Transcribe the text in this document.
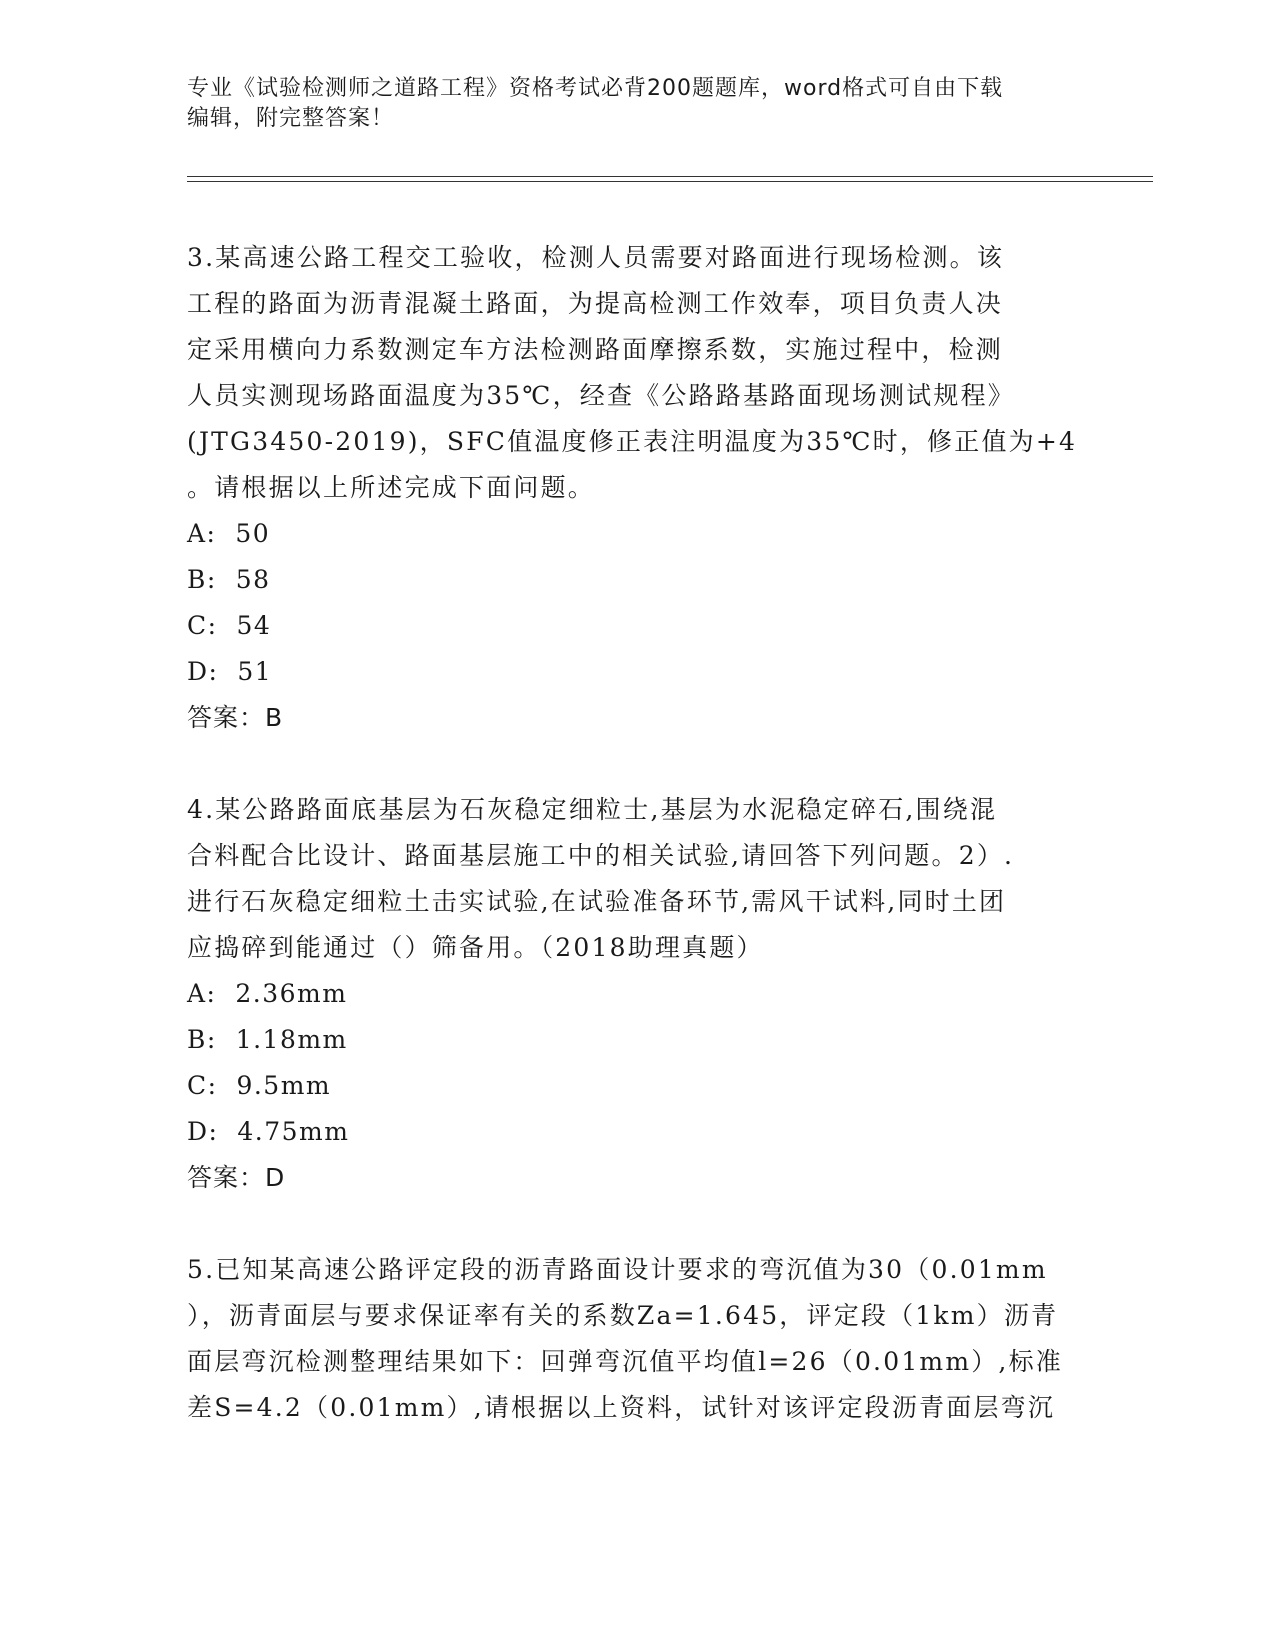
专业《试验检测师之道路工程》资格考试必背200题题库，word格式可自由下载
编辑，附完整答案！

3.某高速公路工程交工验收，检测人员需要对路面进行现场检测。该
工程的路面为沥青混凝土路面，为提高检测工作效奉，项目负责人决
定采用横向力系数测定车方法检测路面摩擦系数，实施过程中，检测
人员实测现场路面温度为35℃，经查《公路路基路面现场测试规程》
(JTG3450-2019)，SFC值温度修正表注明温度为35℃时，修正值为+4
。请根据以上所述完成下面问题。

A:  50

B:  58

C:  54

D:  51

答案：B

4.某公路路面底基层为石灰稳定细粒士,基层为水泥稳定碎石,围绕混
合料配合比设计、路面基层施工中的相关试验,请回答下列问题。2）.
进行石灰稳定细粒土击实试验,在试验准备环节,需风干试料,同时土团
应捣碎到能通过（）筛备用。（2018助理真题）

A:  2.36mm

B:  1.18mm

C:  9.5mm

D:  4.75mm

答案：D

5.已知某高速公路评定段的沥青路面设计要求的弯沉值为30（0.01mm
），沥青面层与要求保证率有关的系数Za=1.645，评定段（1km）沥青
面层弯沉检测整理结果如下：回弹弯沉值平均值l=26（0.01mm）,标准
差S=4.2（0.01mm）,请根据以上资料，试针对该评定段沥青面层弯沉
